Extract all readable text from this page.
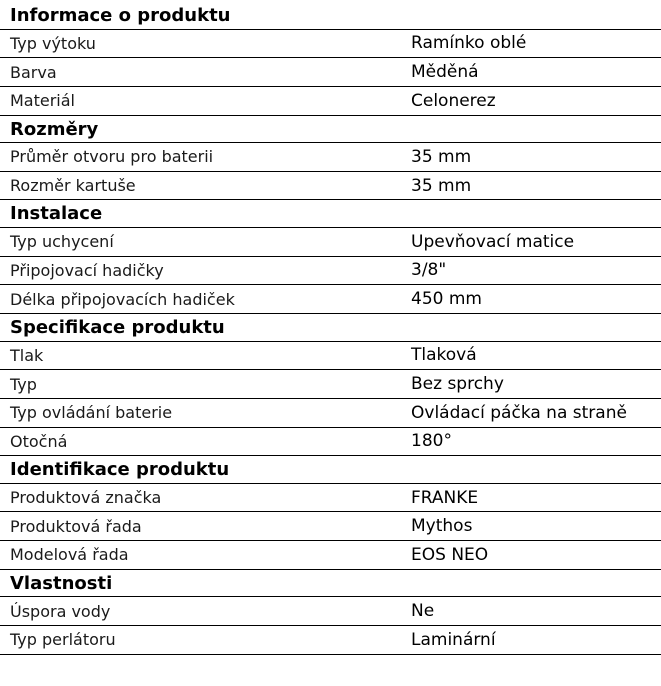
Informace o produktu
Typ výtoku	Ramínko oblé
Barva	Měděná
Materiál	Celonerez
Rozměry
Průměr otvoru pro baterii	35 mm
Rozměr kartuše	35 mm
Instalace
Typ uchycení	Upevňovací matice
Připojovací hadičky	3/8"
Délka připojovacích hadiček	450 mm
Specifikace produktu
Tlak	Tlaková
Typ	Bez sprchy
Typ ovládání baterie	Ovládací páčka na straně
Otočná	180°
Identifikace produktu
Produktová značka	FRANKE
Produktová řada	Mythos
Modelová řada	EOS NEO
Vlastnosti
Úspora vody	Ne
Typ perlátoru	Laminární
